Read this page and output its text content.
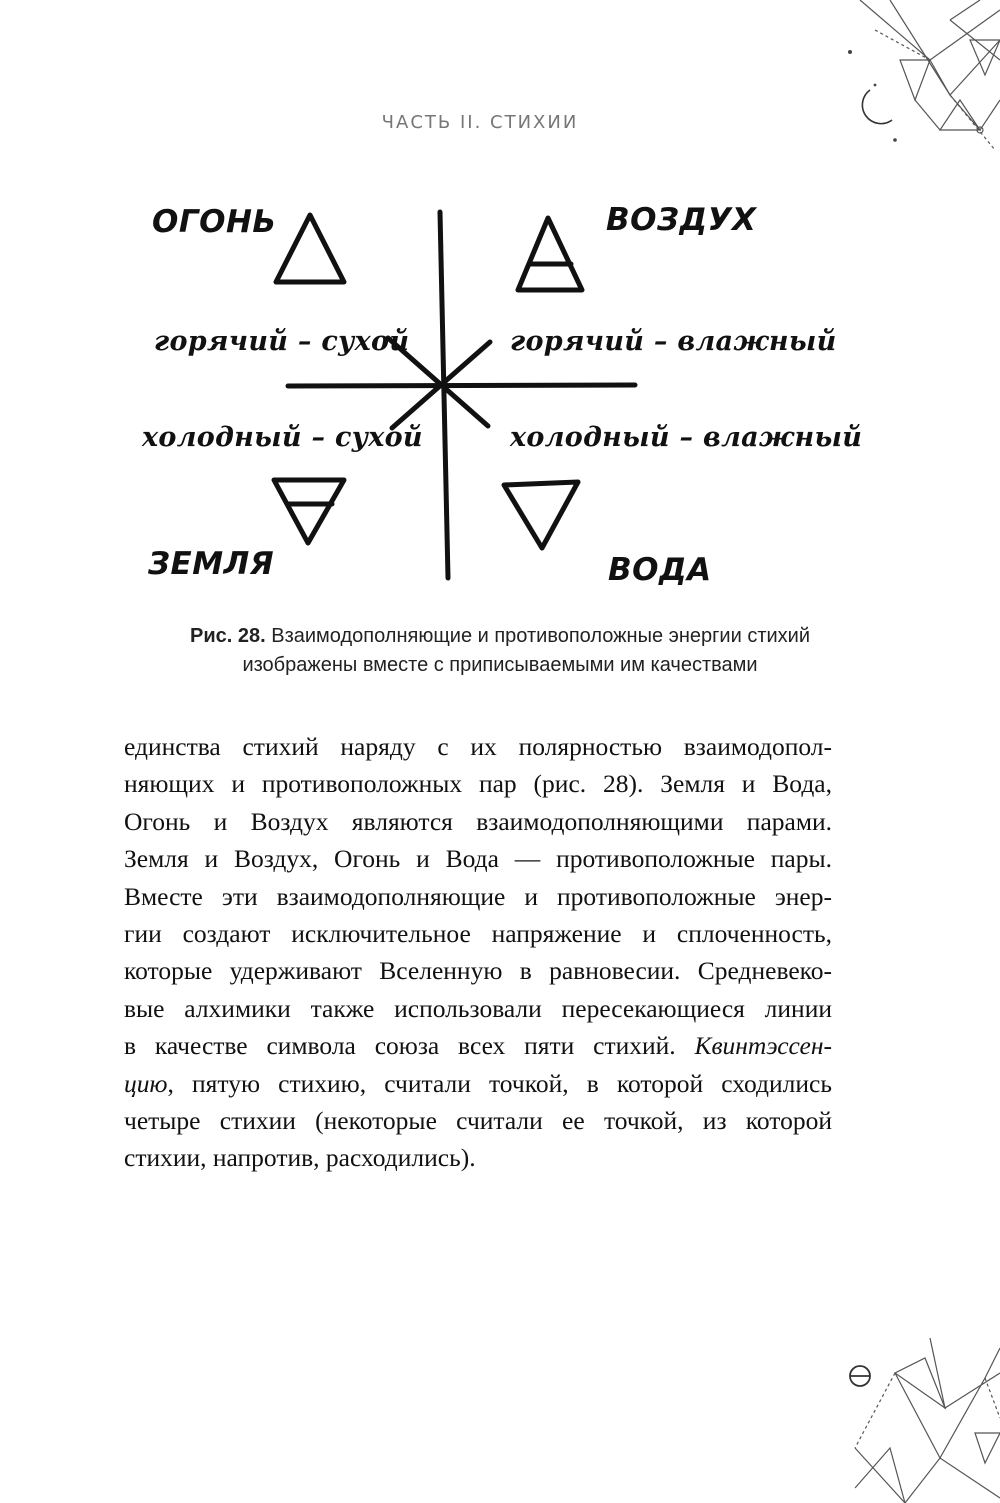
ЧАСТЬ II. СТИХИИ
ОГОНЬ	ВОЗДУХ
ЗЕМЛЯ	ВОДА
горячий – сухой	горячий – влажный
холодный – сухой	холодный – влажный
Рис. 28. Взаимодополняющие и противоположные энергии стихий
изображены вместе с приписываемыми им качествами
единства стихий наряду с их полярностью взаимодопол-
няющих и противоположных пар (рис. 28). Земля и Вода,
Огонь и Воздух являются взаимодополняющими парами.
Земля и Воздух, Огонь и Вода — противоположные пары.
Вместе эти взаимодополняющие и противоположные энер-
гии создают исключительное напряжение и сплоченность,
которые удерживают Вселенную в равновесии. Средневеко-
вые алхимики также использовали пересекающиеся линии
в качестве символа союза всех пяти стихий. Квинтэссен-
цию, пятую стихию, считали точкой, в которой сходились
четыре стихии (некоторые считали ее точкой, из которой
стихии, напротив, расходились).
